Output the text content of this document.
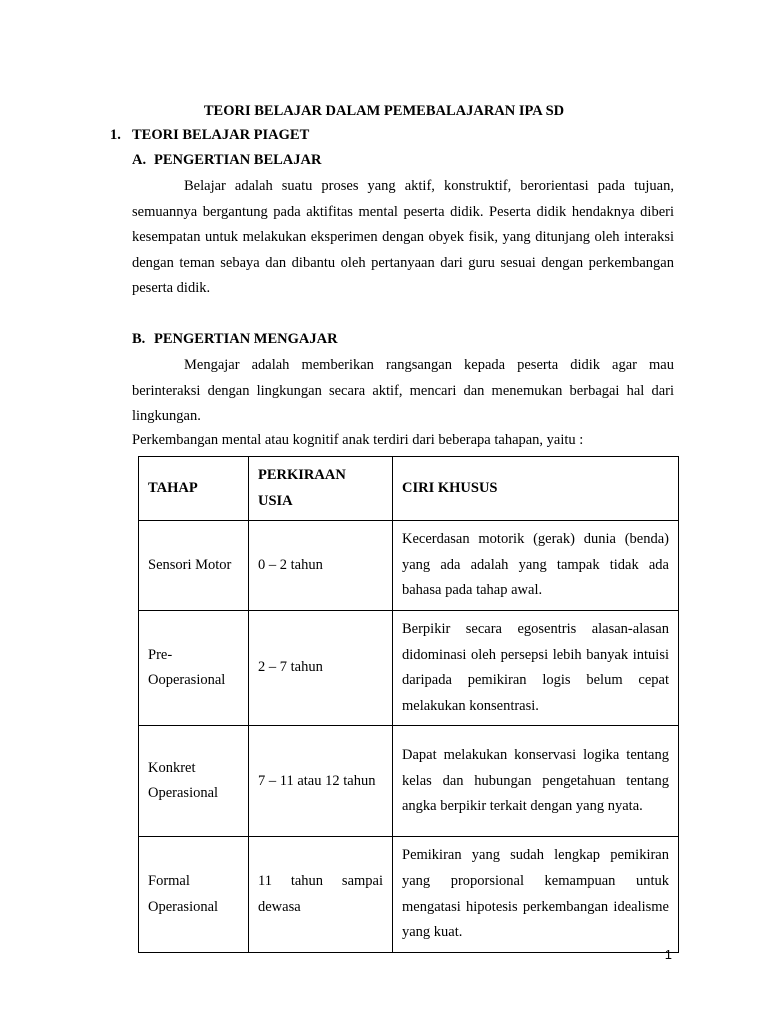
TEORI BELAJAR DALAM PEMEBALAJARAN IPA SD
1. TEORI BELAJAR PIAGET
A. PENGERTIAN BELAJAR
Belajar adalah suatu proses yang aktif, konstruktif, berorientasi pada tujuan, semuannya bergantung pada aktifitas mental peserta didik. Peserta didik hendaknya diberi kesempatan untuk melakukan eksperimen dengan obyek fisik, yang ditunjang oleh interaksi dengan teman sebaya dan dibantu oleh pertanyaan dari guru sesuai dengan perkembangan peserta didik.
B. PENGERTIAN MENGAJAR
Mengajar adalah memberikan rangsangan kepada peserta didik agar mau berinteraksi dengan lingkungan secara aktif, mencari dan menemukan berbagai hal dari lingkungan.
Perkembangan mental atau kognitif anak terdiri dari beberapa tahapan, yaitu :
TAHAP	PERKIRAAN USIA	CIRI KHUSUS
Sensori Motor	0 – 2 tahun	Kecerdasan motorik (gerak) dunia (benda) yang ada adalah yang tampak tidak ada bahasa pada tahap awal.
Pre-Ooperasional	2 – 7 tahun	Berpikir secara egosentris alasan-alasan didominasi oleh persepsi lebih banyak intuisi daripada pemikiran logis belum cepat melakukan konsentrasi.
Konkret Operasional	7 – 11 atau 12 tahun	Dapat melakukan konservasi logika tentang kelas dan hubungan pengetahuan tentang angka berpikir terkait dengan yang nyata.
Formal Operasional	11 tahun sampai dewasa	Pemikiran yang sudah lengkap pemikiran yang proporsional kemampuan untuk mengatasi hipotesis perkembangan idealisme yang kuat.
1
